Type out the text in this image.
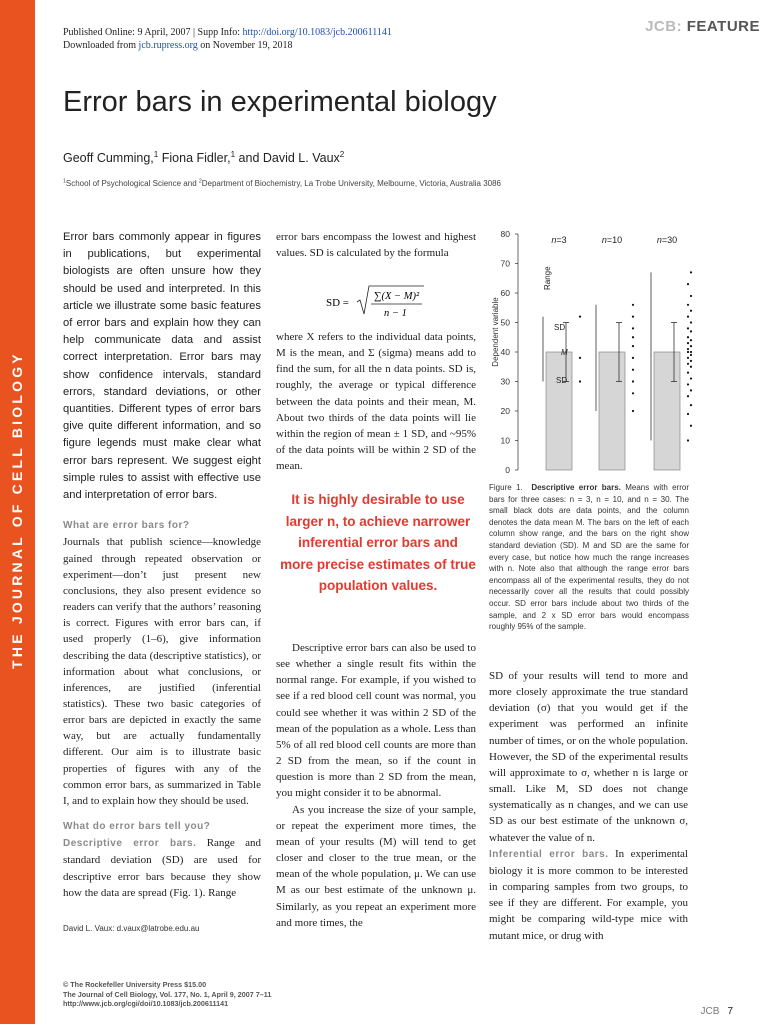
THE JOURNAL OF CELL BIOLOGY
Published Online: 9 April, 2007 | Supp Info: http://doi.org/10.1083/jcb.200611141
Downloaded from jcb.rupress.org on November 19, 2018
JCB: FEATURE
Error bars in experimental biology
Geoff Cumming,$^1$ Fiona Fidler,$^1$ and David L. Vaux$^2$
$^1$School of Psychological Science and $^2$Department of Biochemistry, La Trobe University, Melbourne, Victoria, Australia 3086

Error bars commonly appear in figures in publications, but experimental biologists are often unsure how they should be used and interpreted. In this article we illustrate some basic features of error bars and explain how they can help communicate data and assist correct interpretation. Error bars may show confidence intervals, standard errors, standard deviations, or other quantities. Different types of error bars give quite different information, and so figure legends must make clear what error bars represent. We suggest eight simple rules to assist with effective use and interpretation of error bars.

What are error bars for?

Journals that publish science—knowledge gained through repeated observation or experiment—don’t just present new conclusions, they also present evidence so readers can verify that the authors’ reasoning is correct. Figures with error bars can, if used properly (1–6), give information describing the data (descriptive statistics), or information about what conclusions, or inferences, are justified (inferential statistics). These two basic categories of error bars are depicted in exactly the same way, but are actually fundamentally different. Our aim is to illustrate basic properties of figures with any of the common error bars, as summarized in Table I, and to explain how they should be used.

What do error bars tell you?

Descriptive error bars. Range and standard deviation (SD) are used for descriptive error bars because they show how the data are spread (Fig. 1). Range

error bars encompass the lowest and highest values. SD is calculated by the formula

SD =
∑(X − M)²
n − 1

where X refers to the individual data points, M is the mean, and Σ (sigma) means add to find the sum, for all the n data points. SD is, roughly, the average or typical difference between the data points and their mean, M. About two thirds of the data points will lie within the region of mean ± 1 SD, and ~95% of the data points will be within 2 SD of the mean.

It is highly desirable to use larger n, to achieve narrower inferential error bars and more precise estimates of true population values.

Descriptive error bars can also be used to see whether a single result fits within the normal range. For example, if you wished to see if a red blood cell count was normal, you could see whether it was within 2 SD of the mean of the population as a whole. Less than 5% of all red blood cell counts are more than 2 SD from the mean, so if the count in question is more than 2 SD from the mean, you might consider it to be abnormal.

As you increase the size of your sample, or repeat the experiment more times, the mean of your results (M) will tend to get closer and closer to the true mean, or the mean of the whole population, μ. We can use M as our best estimate of the unknown μ. Similarly, as you repeat an experiment more and more times, the

0
10
20
30
40
50
60
70
80
Dependent variable
n=3	n=10	n=30
Range
SD
M
SD
Figure 1. Descriptive error bars. Means with error bars for three cases: n = 3, n = 10, and n = 30. The small black dots are data points, and the column denotes the data mean M. The bars on the left of each column show range, and the bars on the right show standard deviation (SD). M and SD are the same for every case, but notice how much the range increases with n. Note also that although the range error bars encompass all of the experimental results, they do not necessarily cover all the results that could possibly occur. SD error bars include about two thirds of the sample, and 2 x SD error bars would encompass roughly 95% of the sample.

SD of your results will tend to more and more closely approximate the true standard deviation (σ) that you would get if the experiment was performed an infinite number of times, or on the whole population. However, the SD of the experimental results will approximate to σ, whether n is large or small. Like M, SD does not change systematically as n changes, and we can use SD as our best estimate of the unknown σ, whatever the value of n.

Inferential error bars. In experimental biology it is more common to be interested in comparing samples from two groups, to see if they are different. For example, you might be comparing wild-type mice with mutant mice, or drug with

David L. Vaux: d.vaux@latrobe.edu.au
© The Rockefeller University Press $15.00
The Journal of Cell Biology, Vol. 177, No. 1, April 9, 2007 7–11
http://www.jcb.org/cgi/doi/10.1083/jcb.200611141
JCB 7
